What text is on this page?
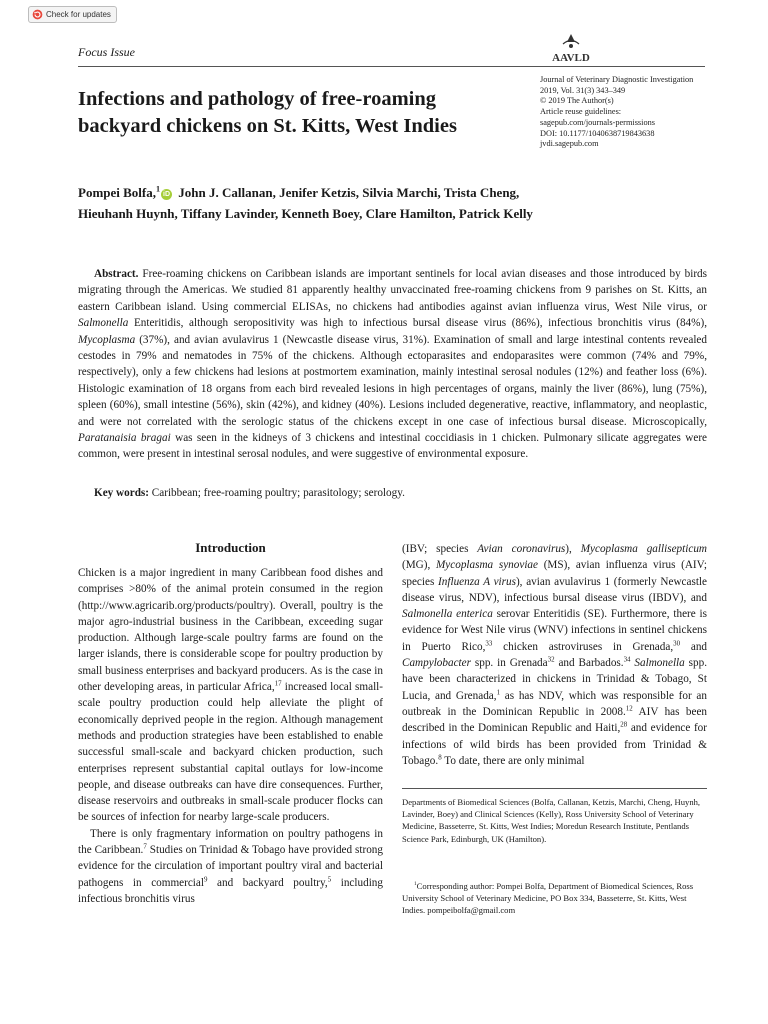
Check for updates
Focus Issue	AAVLD
Infections and pathology of free-roaming backyard chickens on St. Kitts, West Indies
Journal of Veterinary Diagnostic Investigation
2019, Vol. 31(3) 343–349
© 2019 The Author(s)
Article reuse guidelines:
sagepub.com/journals-permissions
DOI: 10.1177/1040638719843638
jvdi.sagepub.com
Pompei Bolfa,$^1$iD John J. Callanan, Jenifer Ketzis, Silvia Marchi, Trista Cheng,
Hieuhanh Huynh, Tiffany Lavinder, Kenneth Boey, Clare Hamilton, Patrick Kelly
Abstract. Free-roaming chickens on Caribbean islands are important sentinels for local avian diseases and those introduced by birds migrating through the Americas. We studied 81 apparently healthy unvaccinated free-roaming chickens from 9 parishes on St. Kitts, an eastern Caribbean island. Using commercial ELISAs, no chickens had antibodies against avian influenza virus, West Nile virus, or Salmonella Enteritidis, although seropositivity was high to infectious bursal disease virus (86%), infectious bronchitis virus (84%), Mycoplasma (37%), and avian avulavirus 1 (Newcastle disease virus, 31%). Examination of small and large intestinal contents revealed cestodes in 79% and nematodes in 75% of the chickens. Although ectoparasites and endoparasites were common (74% and 79%, respectively), only a few chickens had lesions at postmortem examination, mainly intestinal serosal nodules (12%) and feather loss (6%). Histologic examination of 18 organs from each bird revealed lesions in high percentages of organs, mainly the liver (86%), lung (75%), spleen (60%), small intestine (56%), skin (42%), and kidney (40%). Lesions included degenerative, reactive, inflammatory, and neoplastic, and were not correlated with the serologic status of the chickens except in one case of infectious bursal disease. Microscopically, Paratanaisia bragai was seen in the kidneys of 3 chickens and intestinal coccidiasis in 1 chicken. Pulmonary silicate aggregates were common, were present in intestinal serosal nodules, and were suggestive of environmental exposure.
Key words: Caribbean; free-roaming poultry; parasitology; serology.
Introduction

Chicken is a major ingredient in many Caribbean food dishes and comprises >80% of the animal protein consumed in the region (http://www.agricarib.org/products/poultry). Overall, poultry is the major agro-industrial business in the Caribbean, exceeding sugar production. Although large-scale poultry farms are found on the larger islands, there is considerable scope for poultry production by small business enterprises and backyard producers. As is the case in other developing areas, in particular Africa,$^{17}$ increased local small-scale poultry production could help alleviate the plight of economically deprived people in the region. Although management methods and production strategies have been established to enable successful small-scale and backyard chicken production, such enterprises represent substantial capital outlays for low-income people, and disease outbreaks can have dire consequences. Further, disease reservoirs and outbreaks in small-scale producer flocks can be sources of infection for nearby large-scale producers.

There is only fragmentary information on poultry pathogens in the Caribbean.$^7$ Studies on Trinidad & Tobago have provided strong evidence for the circulation of important poultry viral and bacterial pathogens in commercial$^9$ and backyard poultry,$^5$ including infectious bronchitis virus

(IBV; species Avian coronavirus), Mycoplasma gallisepticum (MG), Mycoplasma synoviae (MS), avian influenza virus (AIV; species Influenza A virus), avian avulavirus 1 (formerly Newcastle disease virus, NDV), infectious bursal disease virus (IBDV), and Salmonella enterica serovar Enteritidis (SE). Furthermore, there is evidence for West Nile virus (WNV) infections in sentinel chickens in Puerto Rico,$^{33}$ chicken astroviruses in Grenada,$^{30}$ and Campylobacter spp. in Grenada$^{32}$ and Barbados.$^{34}$ Salmonella spp. have been characterized in chickens in Trinidad & Tobago, St Lucia, and Grenada,$^1$ as has NDV, which was responsible for an outbreak in the Dominican Republic in 2008.12 AIV has been described in the Dominican Republic and Haiti,$^{28}$ and evidence for infections of wild birds has been provided from Trinidad & Tobago.$^8$ To date, there are only minimal

Departments of Biomedical Sciences (Bolfa, Callanan, Ketzis, Marchi, Cheng, Huynh, Lavinder, Boey) and Clinical Sciences (Kelly), Ross University School of Veterinary Medicine, Basseterre, St. Kitts, West Indies; Moredun Research Institute, Pentlands Science Park, Edinburgh, UK (Hamilton).
$^1$Corresponding author: Pompei Bolfa, Department of Biomedical Sciences, Ross University School of Veterinary Medicine, PO Box 334, Basseterre, St. Kitts, West Indies. pompeibolfa@gmail.com
